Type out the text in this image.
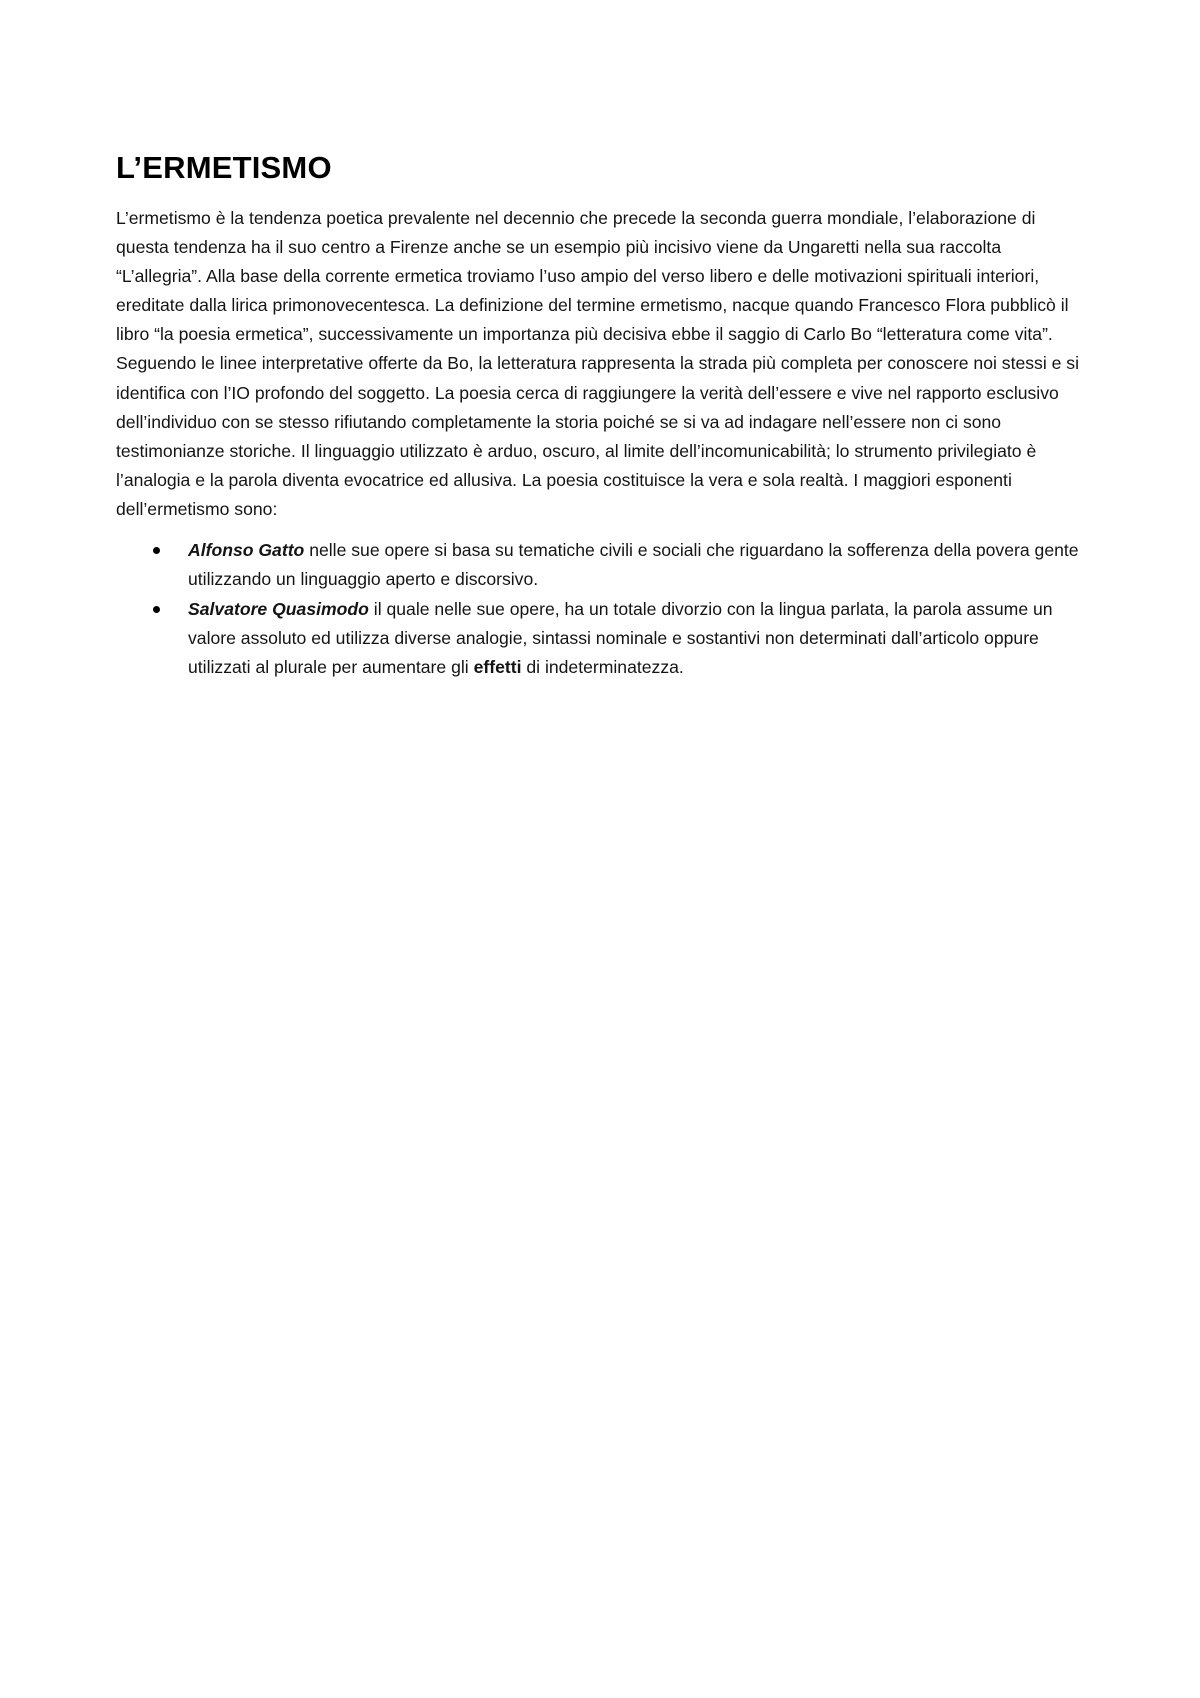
L’ERMETISMO

L’ermetismo è la tendenza poetica prevalente nel decennio che precede la seconda guerra mondiale, l’elaborazione di questa tendenza ha il suo centro a Firenze anche se un esempio più incisivo viene da Ungaretti nella sua raccolta “L’allegria”. Alla base della corrente ermetica troviamo l’uso ampio del verso libero e delle motivazioni spirituali interiori, ereditate dalla lirica primonovecentesca. La definizione del termine ermetismo, nacque quando Francesco Flora pubblicò il libro “la poesia ermetica”, successivamente un importanza più decisiva ebbe il saggio di Carlo Bo “letteratura come vita”. Seguendo le linee interpretative offerte da Bo, la letteratura rappresenta la strada più completa per conoscere noi stessi e si identifica con l’IO profondo del soggetto. La poesia cerca di raggiungere la verità dell’essere e vive nel rapporto esclusivo dell’individuo con se stesso rifiutando completamente la storia poiché se si va ad indagare nell’essere non ci sono testimonianze storiche. Il linguaggio utilizzato è arduo, oscuro, al limite dell’incomunicabilità; lo strumento privilegiato è l’analogia e la parola diventa evocatrice ed allusiva. La poesia costituisce la vera e sola realtà. I maggiori esponenti dell’ermetismo sono:

Alfonso Gatto nelle sue opere si basa su tematiche civili e sociali che riguardano la sofferenza della povera gente utilizzando un linguaggio aperto e discorsivo.
Salvatore Quasimodo il quale nelle sue opere, ha un totale divorzio con la lingua parlata, la parola assume un valore assoluto ed utilizza diverse analogie, sintassi nominale e sostantivi non determinati dall’articolo oppure utilizzati al plurale per aumentare gli effetti di indeterminatezza.
